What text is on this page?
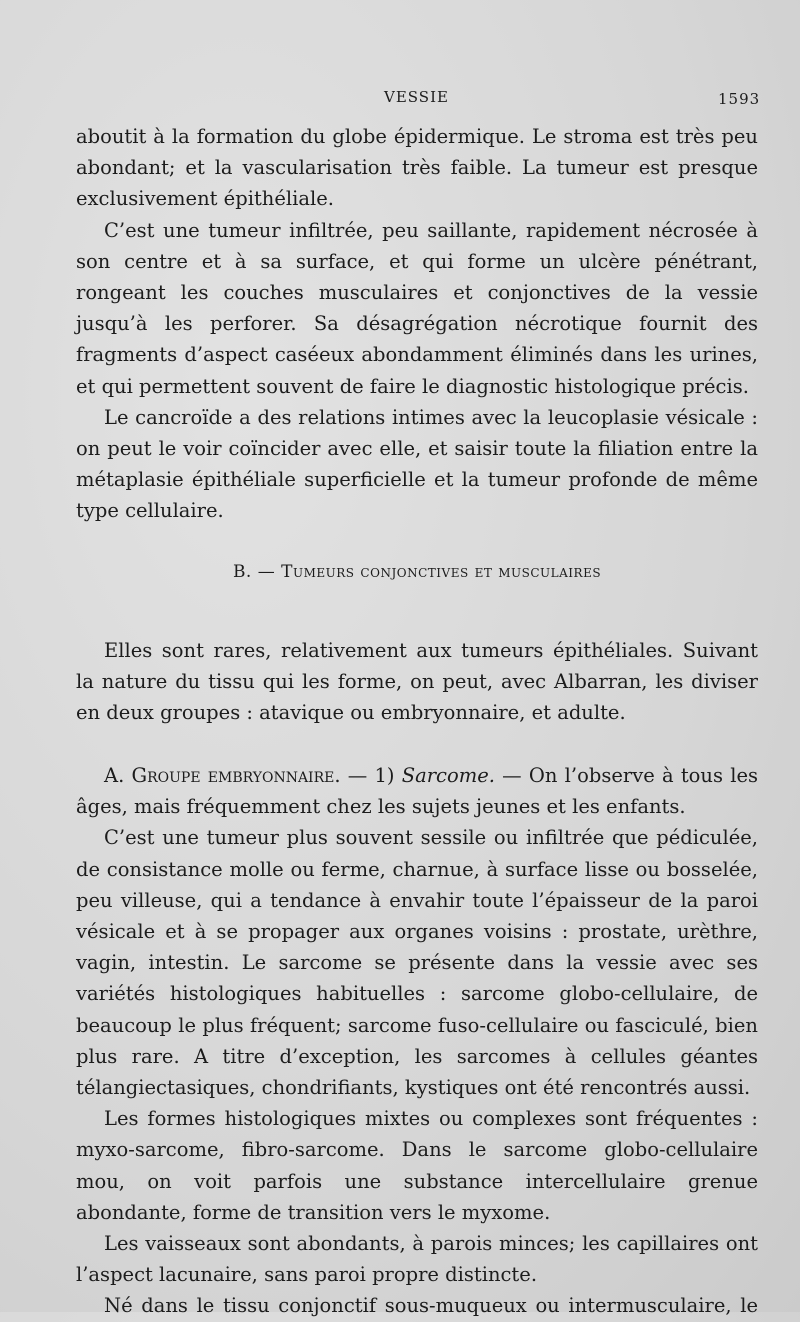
VESSIE	1593

aboutit à la formation du globe épidermique. Le stroma est très peu abondant; et la vascularisation très faible. La tumeur est presque exclusivement épithéliale.

C’est une tumeur infiltrée, peu saillante, rapidement nécrosée à son centre et à sa surface, et qui forme un ulcère pénétrant, rongeant les couches musculaires et conjonctives de la vessie jusqu’à les perforer. Sa désagrégation nécrotique fournit des fragments d’aspect caséeux abondamment éliminés dans les urines, et qui permettent souvent de faire le diagnostic histologique précis.

Le cancroïde a des relations intimes avec la leucoplasie vésicale : on peut le voir coïncider avec elle, et saisir toute la filiation entre la métaplasie épithéliale superficielle et la tumeur profonde de même type cellulaire.

B. — Tumeurs conjonctives et musculaires

Elles sont rares, relativement aux tumeurs épithéliales. Suivant la nature du tissu qui les forme, on peut, avec Albarran, les diviser en deux groupes : atavique ou embryonnaire, et adulte.

A. Groupe embryonnaire. — 1) Sarcome. — On l’observe à tous les âges, mais fréquemment chez les sujets jeunes et les enfants.

C’est une tumeur plus souvent sessile ou infiltrée que pédiculée, de consistance molle ou ferme, charnue, à surface lisse ou bosselée, peu villeuse, qui a tendance à envahir toute l’épaisseur de la paroi vésicale et à se propager aux organes voisins : prostate, urèthre, vagin, intestin. Le sarcome se présente dans la vessie avec ses variétés histologiques habituelles : sarcome globo-cellulaire, de beaucoup le plus fréquent; sarcome fuso-cellulaire ou fasciculé, bien plus rare. A titre d’exception, les sarcomes à cellules géantes télangiectasiques, chondrifiants, kystiques ont été rencontrés aussi.

Les formes histologiques mixtes ou complexes sont fréquentes : myxo-sarcome, fibro-sarcome. Dans le sarcome globo-cellulaire mou, on voit parfois une substance intercellulaire grenue abondante, forme de transition vers le myxome.

Les vaisseaux sont abondants, à parois minces; les capillaires ont l’aspect lacunaire, sans paroi propre distincte.

Né dans le tissu conjonctif sous-muqueux ou intermusculaire, le
